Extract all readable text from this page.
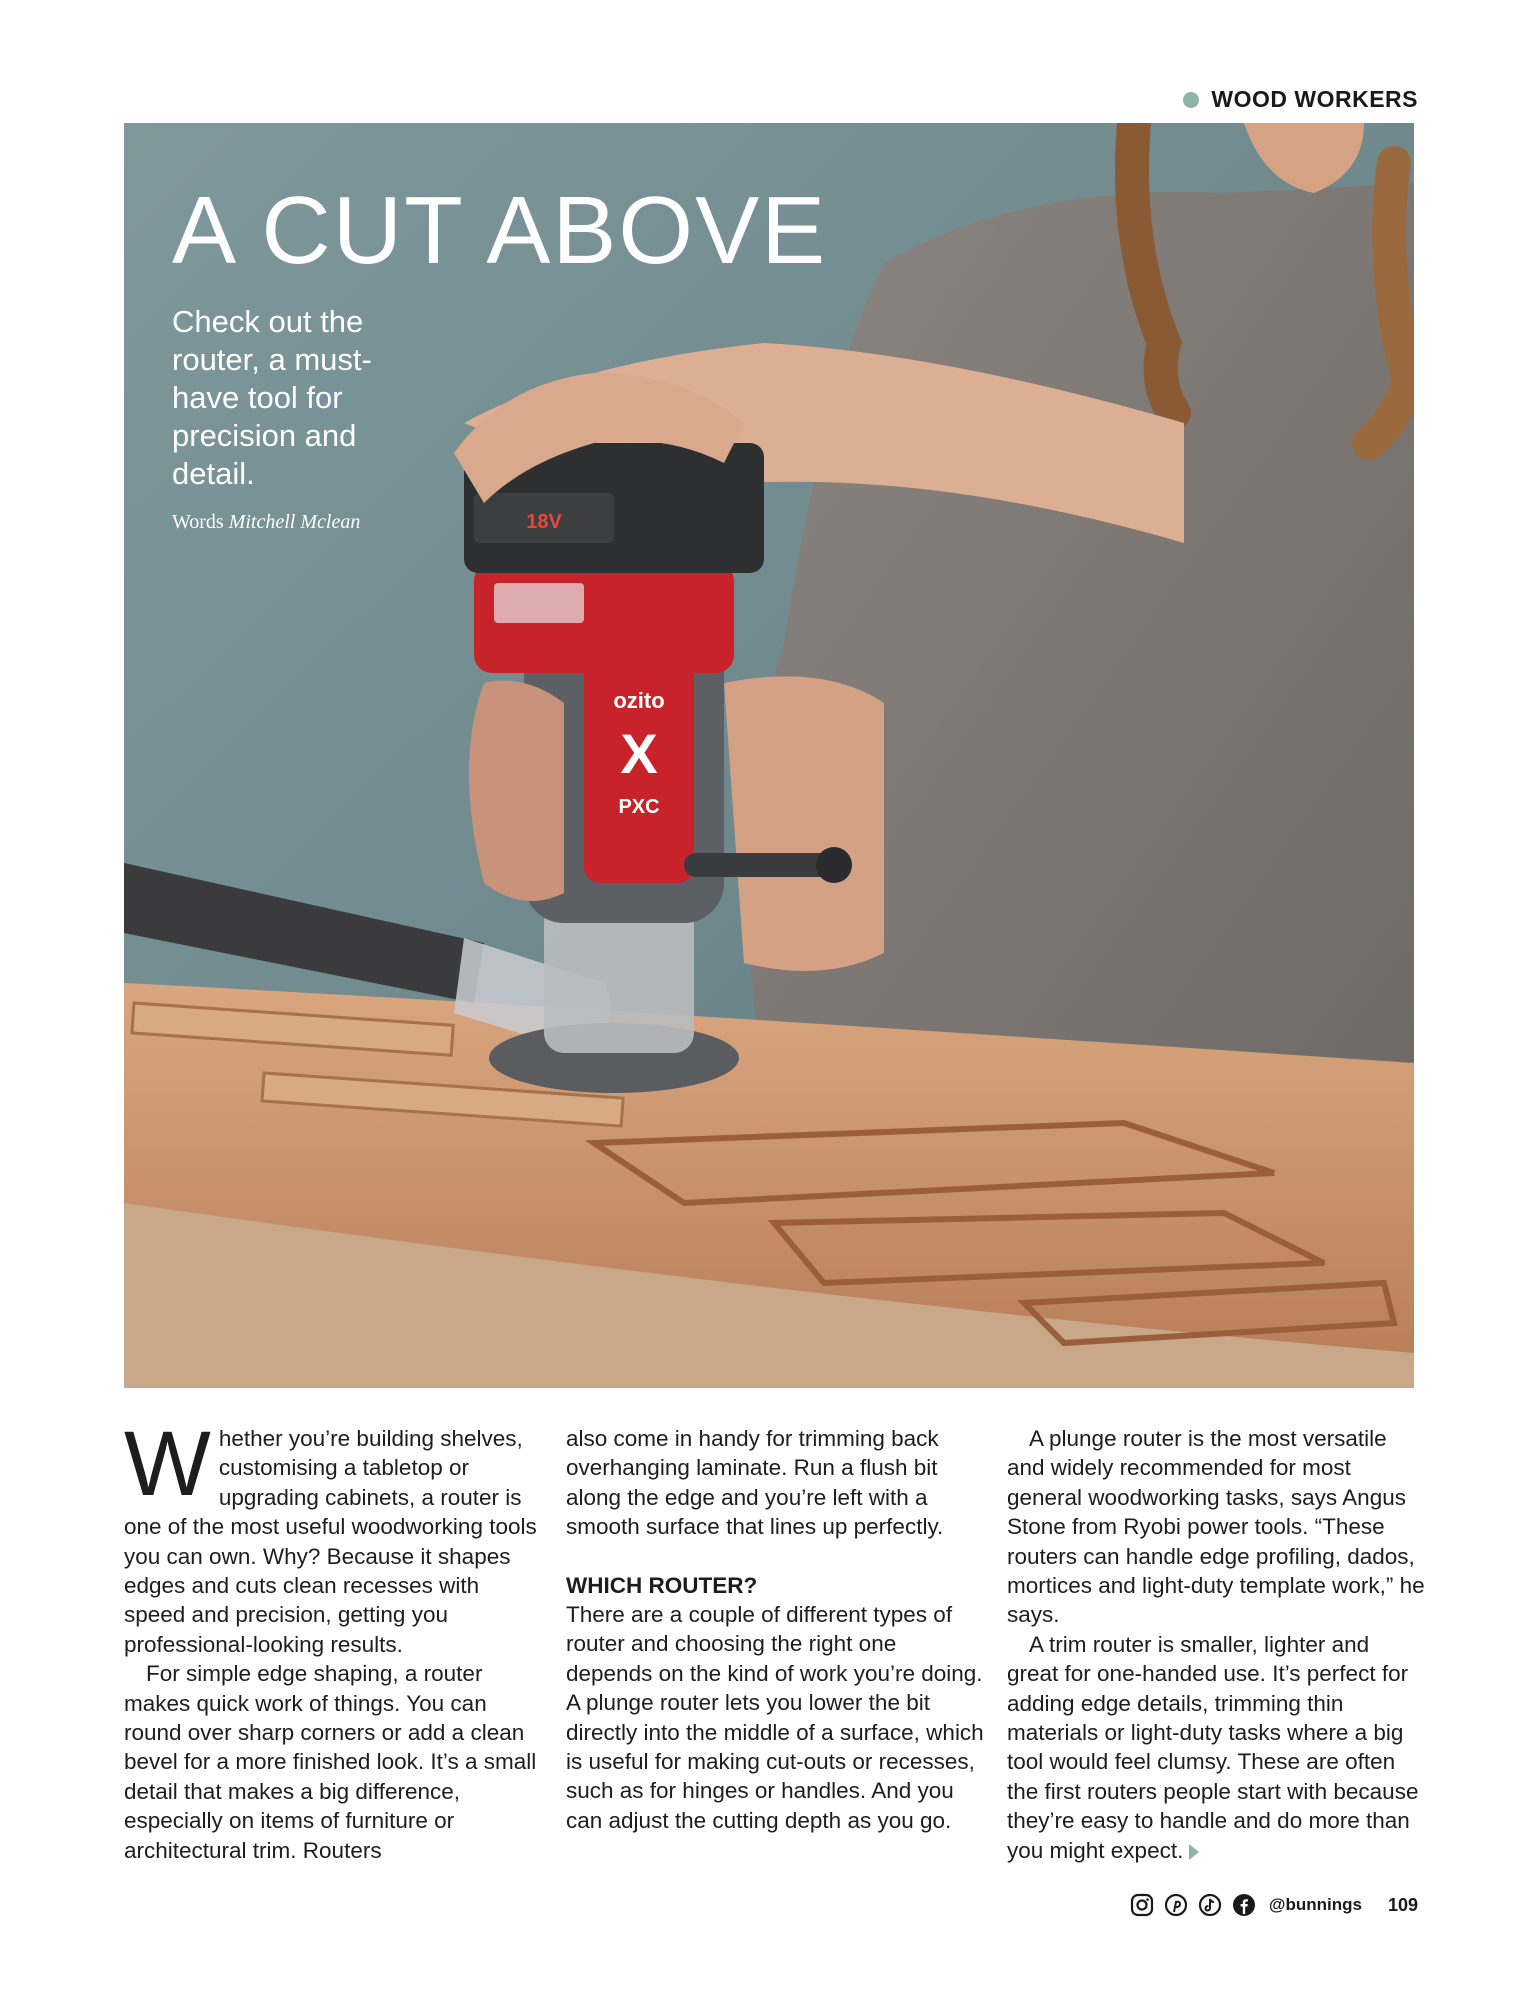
WOOD WORKERS
ozito
X
PXC
18V
A CUT ABOVE

Check out the router, a must-have tool for precision and detail.

Words Mitchell Mclean

Whether you’re building shelves, customising a tabletop or upgrading cabinets, a router is one of the most useful woodworking tools you can own. Why? Because it shapes edges and cuts clean recesses with speed and precision, getting you professional-looking results.

For simple edge shaping, a router makes quick work of things. You can round over sharp corners or add a clean bevel for a more finished look. It’s a small detail that makes a big difference, especially on items of furniture or architectural trim. Routers

also come in handy for trimming back overhanging laminate. Run a flush bit along the edge and you’re left with a smooth surface that lines up perfectly.

WHICH ROUTER?

There are a couple of different types of router and choosing the right one depends on the kind of work you’re doing. A plunge router lets you lower the bit directly into the middle of a surface, which is useful for making cut-outs or recesses, such as for hinges or handles. And you can adjust the cutting depth as you go.

A plunge router is the most versatile and widely recommended for most general woodworking tasks, says Angus Stone from Ryobi power tools. “These routers can handle edge profiling, dados, mortices and light-duty template work,” he says.

A trim router is smaller, lighter and great for one-handed use. It’s perfect for adding edge details, trimming thin materials or light-duty tasks where a big tool would feel clumsy. These are often the first routers people start with because they’re easy to handle and do more than you might expect.

@bunnings 109
